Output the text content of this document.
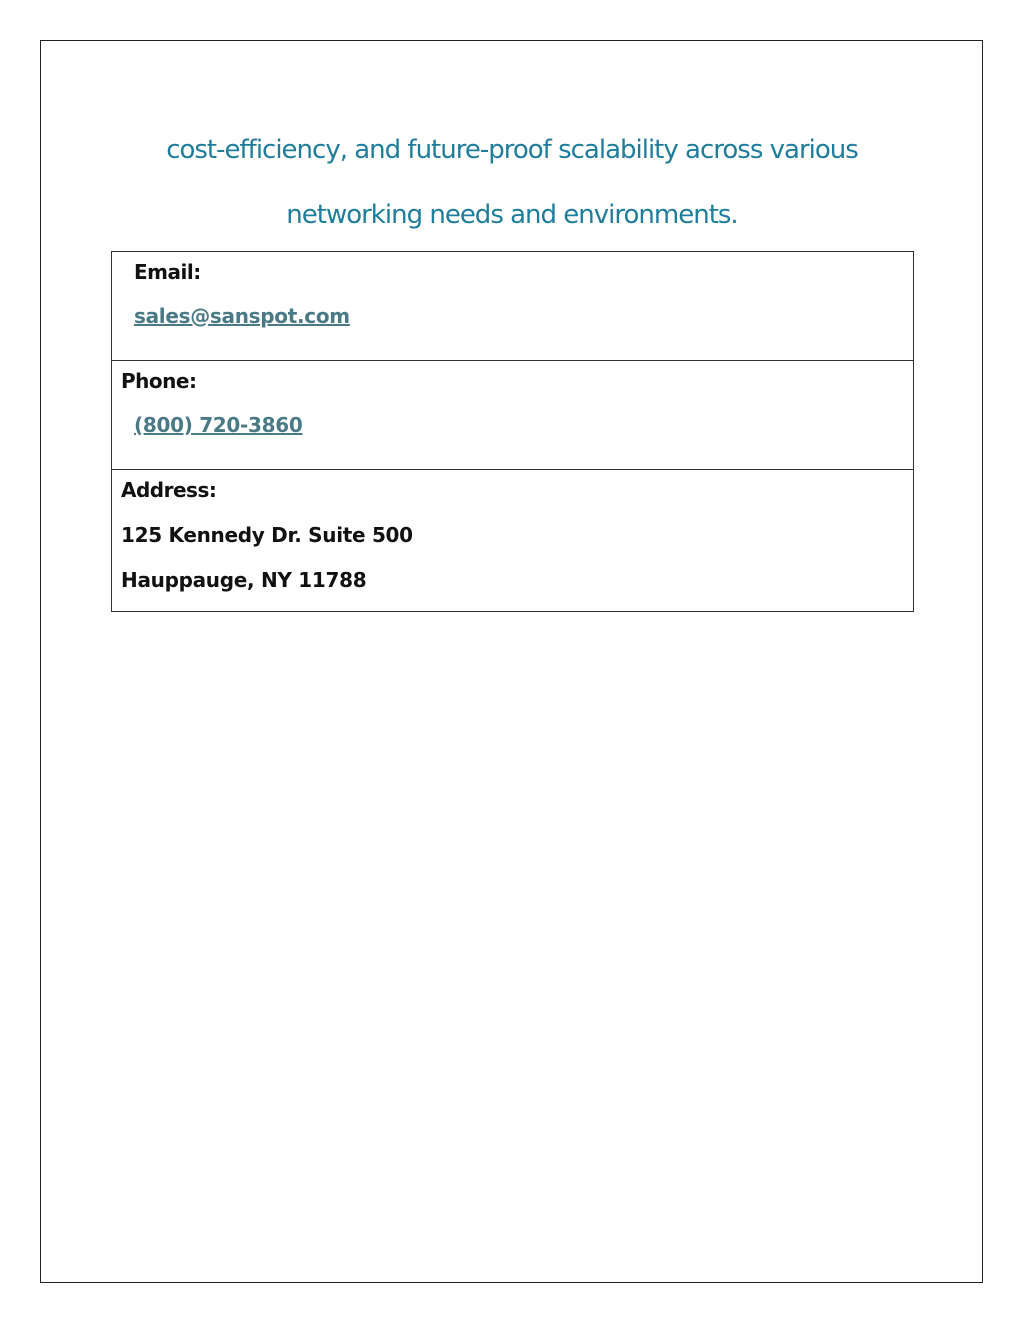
cost-efficiency, and future-proof scalability across various
networking needs and environments.
Email:
sales@sanspot.com

Phone:
(800) 720-3860

Address:
125 Kennedy Dr. Suite 500
Hauppauge, NY 11788
